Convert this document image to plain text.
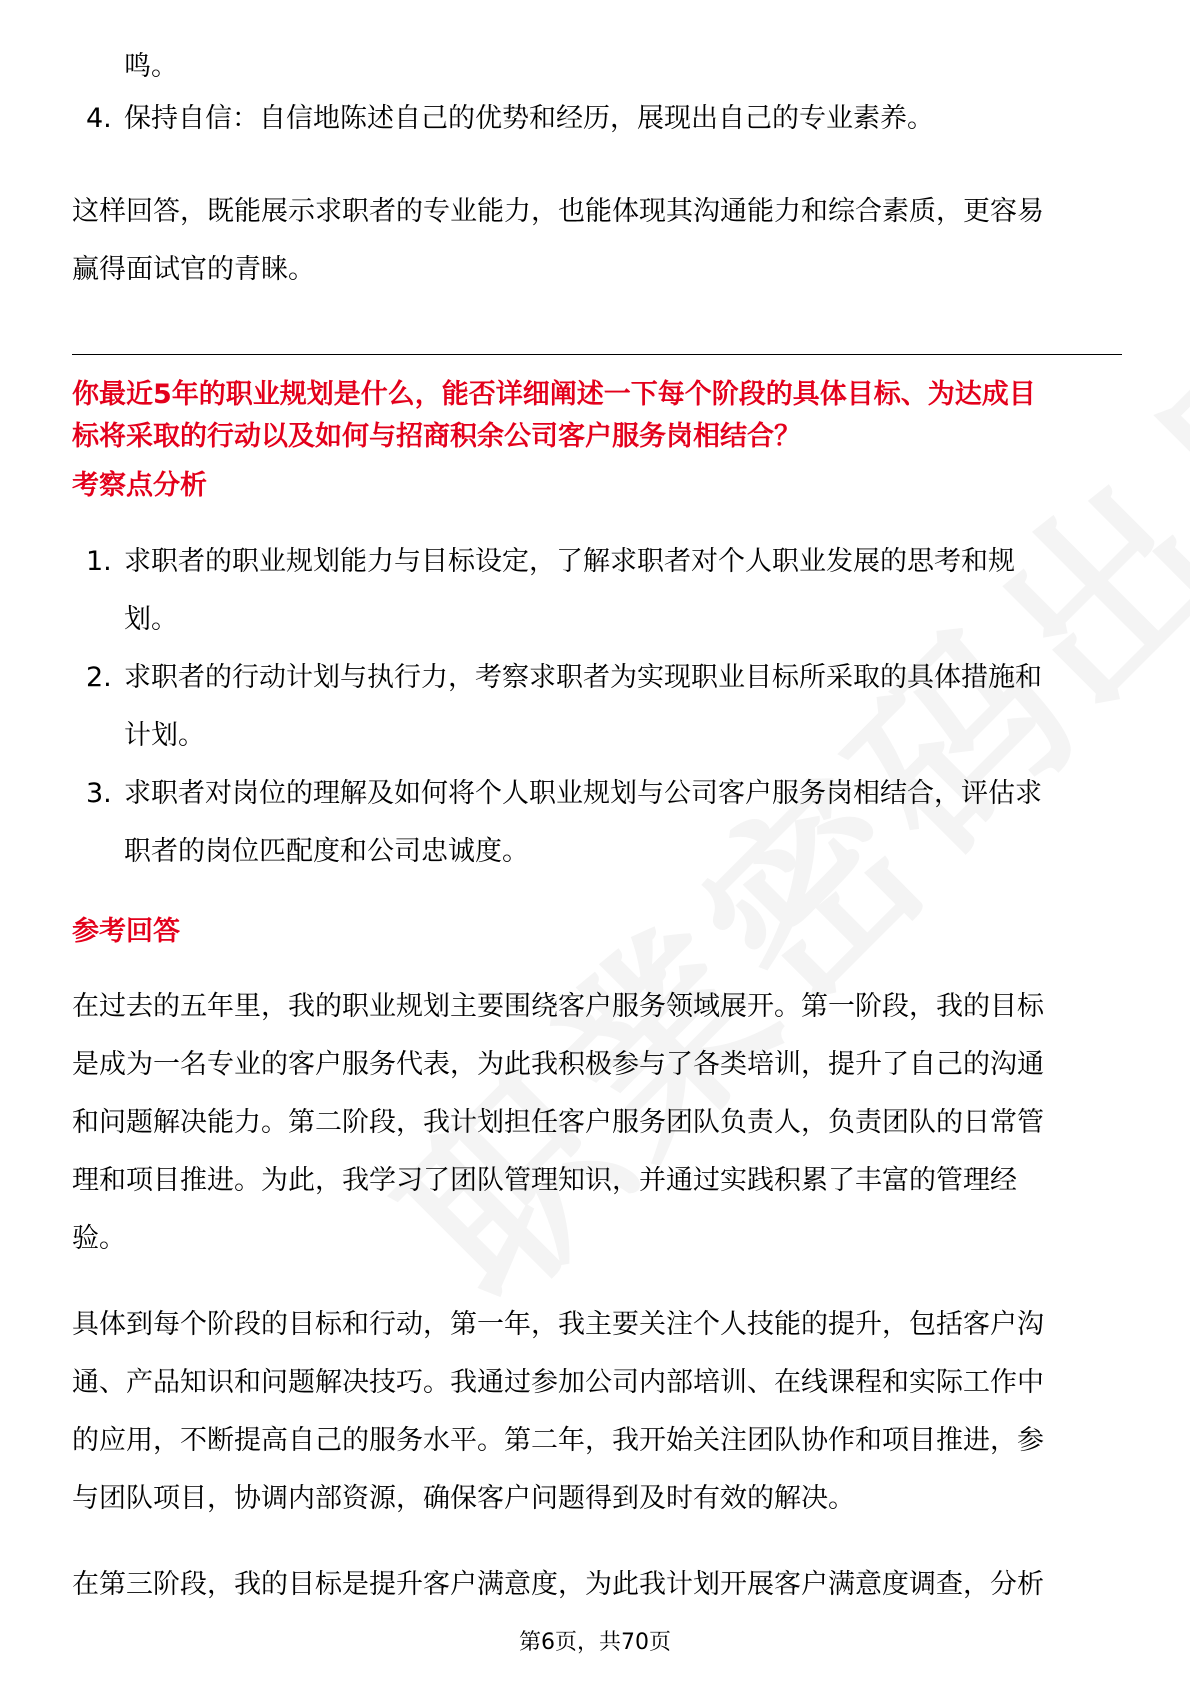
鸣。
4. 保持自信：自信地陈述自己的优势和经历，展现出自己的专业素养。

这样回答，既能展示求职者的专业能力，也能体现其沟通能力和综合素质，更容易

赢得面试官的青睐。

你最近5年的职业规划是什么，能否详细阐述一下每个阶段的具体目标、为达成目

标将采取的行动以及如何与招商积余公司客户服务岗相结合？

考察点分析

1. 求职者的职业规划能力与目标设定，了解求职者对个人职业发展的思考和规
划。
2. 求职者的行动计划与执行力，考察求职者为实现职业目标所采取的具体措施和
计划。
3. 求职者对岗位的理解及如何将个人职业规划与公司客户服务岗相结合，评估求
职者的岗位匹配度和公司忠诚度。

参考回答

在过去的五年里，我的职业规划主要围绕客户服务领域展开。第一阶段，我的目标

是成为一名专业的客户服务代表，为此我积极参与了各类培训，提升了自己的沟通

和问题解决能力。第二阶段，我计划担任客户服务团队负责人，负责团队的日常管

理和项目推进。为此，我学习了团队管理知识，并通过实践积累了丰富的管理经

验。

具体到每个阶段的目标和行动，第一年，我主要关注个人技能的提升，包括客户沟

通、产品知识和问题解决技巧。我通过参加公司内部培训、在线课程和实际工作中

的应用，不断提高自己的服务水平。第二年，我开始关注团队协作和项目推进，参

与团队项目，协调内部资源，确保客户问题得到及时有效的解决。

在第三阶段，我的目标是提升客户满意度，为此我计划开展客户满意度调查，分析

第6页，共70页
